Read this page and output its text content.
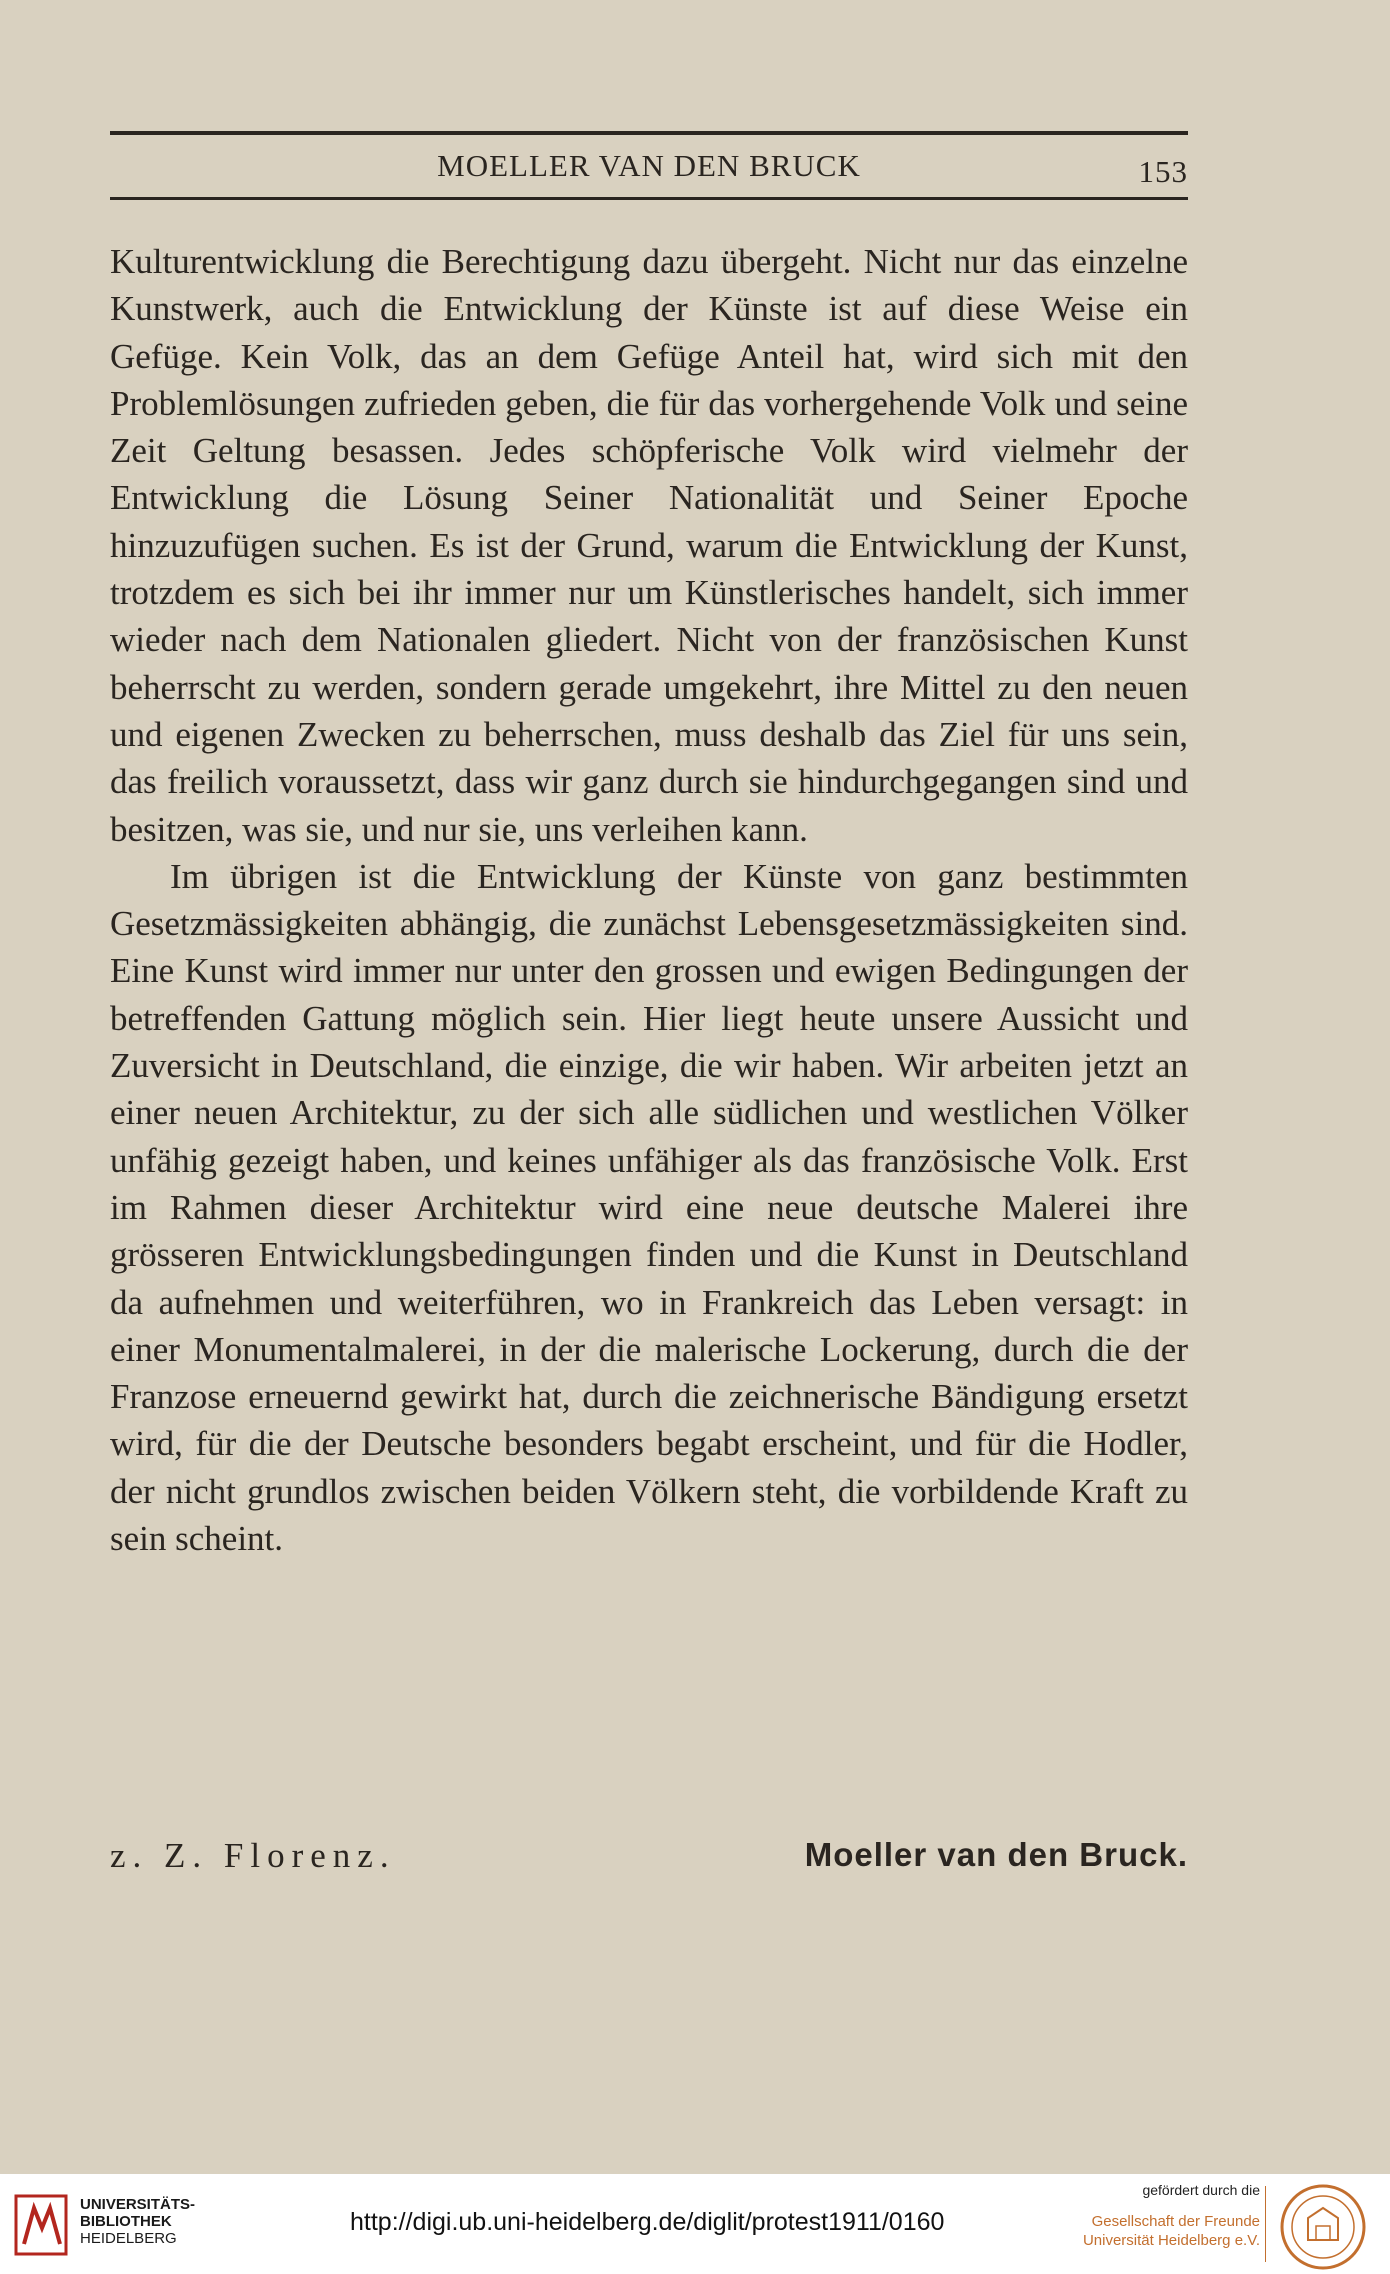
MOELLER VAN DEN BRUCK	153

Kulturentwicklung die Berechtigung dazu übergeht. Nicht nur das einzelne Kunstwerk, auch die Entwicklung der Künste ist auf diese Weise ein Gefüge. Kein Volk, das an dem Gefüge Anteil hat, wird sich mit den Problemlösungen zufrieden geben, die für das vorhergehende Volk und seine Zeit Geltung besassen. Jedes schöpferische Volk wird vielmehr der Entwicklung die Lösung Seiner Nationalität und Seiner Epoche hinzuzufügen suchen. Es ist der Grund, warum die Entwicklung der Kunst, trotzdem es sich bei ihr immer nur um Künstlerisches handelt, sich immer wieder nach dem Nationalen gliedert. Nicht von der französischen Kunst beherrscht zu werden, sondern gerade umgekehrt, ihre Mittel zu den neuen und eigenen Zwecken zu beherrschen, muss deshalb das Ziel für uns sein, das freilich voraussetzt, dass wir ganz durch sie hindurchgegangen sind und besitzen, was sie, und nur sie, uns verleihen kann.

Im übrigen ist die Entwicklung der Künste von ganz bestimmten Gesetzmässigkeiten abhängig, die zunächst Lebensgesetzmässigkeiten sind. Eine Kunst wird immer nur unter den grossen und ewigen Bedingungen der betreffenden Gattung möglich sein. Hier liegt heute unsere Aussicht und Zuversicht in Deutschland, die einzige, die wir haben. Wir arbeiten jetzt an einer neuen Architektur, zu der sich alle südlichen und westlichen Völker unfähig gezeigt haben, und keines unfähiger als das französische Volk. Erst im Rahmen dieser Architektur wird eine neue deutsche Malerei ihre grösseren Entwicklungsbedingungen finden und die Kunst in Deutschland da aufnehmen und weiterführen, wo in Frankreich das Leben versagt: in einer Monumentalmalerei, in der die malerische Lockerung, durch die der Franzose erneuernd gewirkt hat, durch die zeichnerische Bändigung ersetzt wird, für die der Deutsche besonders begabt erscheint, und für die Hodler, der nicht grundlos zwischen beiden Völkern steht, die vorbildende Kraft zu sein scheint.

z. Z. Florenz.	Moeller van den Bruck.
UNIVERSITÄTS-
BIBLIOTHEK
HEIDELBERG
http://digi.ub.uni-heidelberg.de/diglit/protest1911/0160
gefördert durch die
Gesellschaft der Freunde
Universität Heidelberg e.V.
